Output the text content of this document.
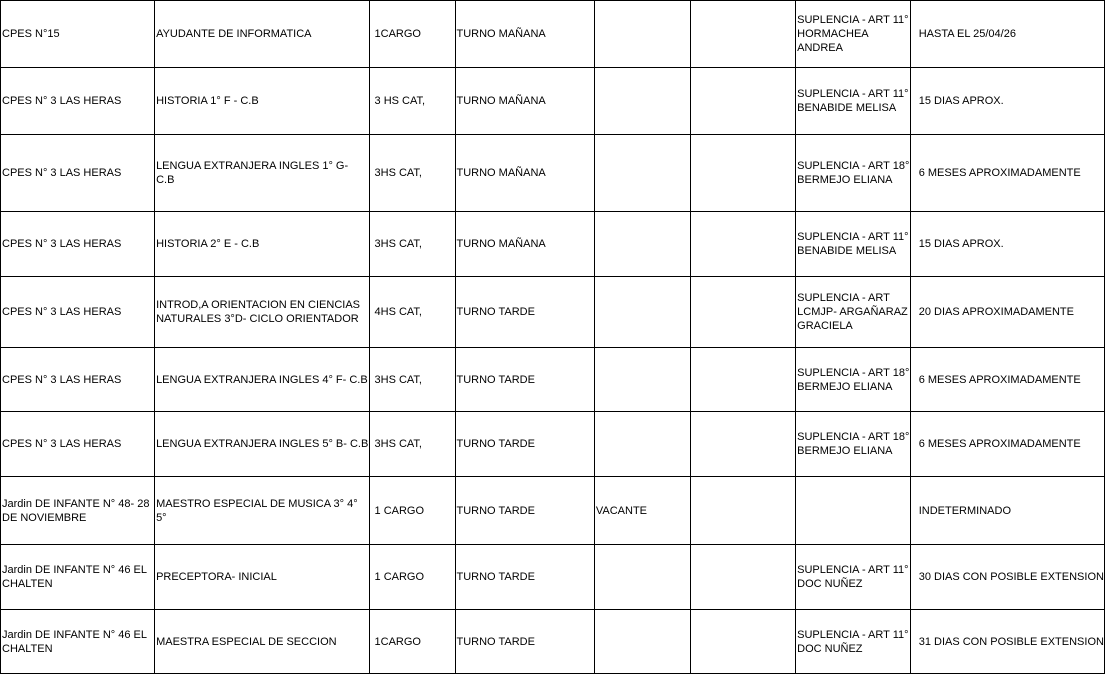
CPES N°15	AYUDANTE DE INFORMATICA	1CARGO	TURNO MAÑANA			SUPLENCIA - ART 11° HORMACHEA ANDREA	HASTA EL 25/04/26
CPES N° 3 LAS HERAS	HISTORIA 1° F - C.B	3 HS CAT,	TURNO MAÑANA			SUPLENCIA - ART 11° BENABIDE MELISA	15 DIAS APROX.
CPES N° 3 LAS HERAS	LENGUA EXTRANJERA INGLES 1° G- C.B	3HS CAT,	TURNO MAÑANA			SUPLENCIA - ART 18° BERMEJO ELIANA	6 MESES APROXIMADAMENTE
CPES N° 3 LAS HERAS	HISTORIA 2° E - C.B	3HS CAT,	TURNO MAÑANA			SUPLENCIA - ART 11° BENABIDE MELISA	15 DIAS APROX.
CPES N° 3 LAS HERAS	INTROD,A ORIENTACION EN CIENCIAS NATURALES 3°D- CICLO ORIENTADOR	4HS CAT,	TURNO TARDE			SUPLENCIA - ART LCMJP- ARGAÑARAZ GRACIELA	20 DIAS APROXIMADAMENTE
CPES N° 3 LAS HERAS	LENGUA EXTRANJERA INGLES 4° F- C.B	3HS CAT,	TURNO TARDE			SUPLENCIA - ART 18° BERMEJO ELIANA	6 MESES APROXIMADAMENTE
CPES N° 3 LAS HERAS	LENGUA EXTRANJERA INGLES 5° B- C.B	3HS CAT,	TURNO TARDE			SUPLENCIA - ART 18° BERMEJO ELIANA	6 MESES APROXIMADAMENTE
Jardin DE INFANTE N° 48- 28 DE NOVIEMBRE	MAESTRO ESPECIAL DE MUSICA 3° 4° 5°	1 CARGO	TURNO TARDE	VACANTE			INDETERMINADO
Jardin DE INFANTE N° 46 EL CHALTEN	PRECEPTORA- INICIAL	1 CARGO	TURNO TARDE			SUPLENCIA - ART 11° DOC NUÑEZ	30 DIAS CON POSIBLE EXTENSION
Jardin DE INFANTE N° 46 EL CHALTEN	MAESTRA ESPECIAL DE SECCION	1CARGO	TURNO TARDE			SUPLENCIA - ART 11° DOC NUÑEZ	31 DIAS CON POSIBLE EXTENSION
